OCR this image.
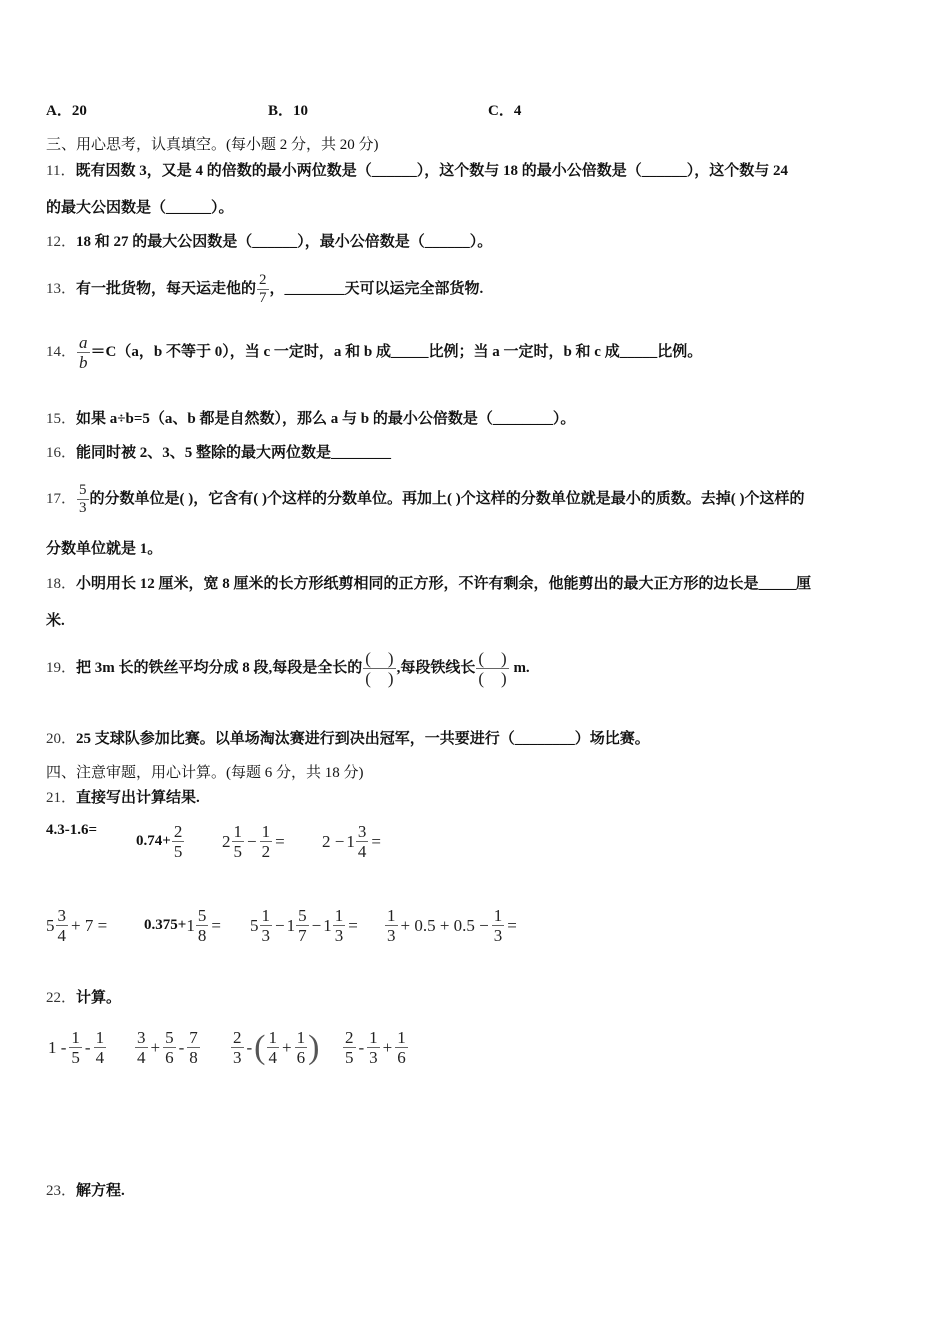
A．20	B．10	C．4
三、用心思考，认真填空。(每小题 2 分，共 20 分)
11．既有因数 3，又是 4 的倍数的最小两位数是（______），这个数与 18 的最小公倍数是（______），这个数与 24
的最大公因数是（______）。
12．18 和 27 的最大公因数是（______），最小公倍数是（______）。
13．有一批货物，每天运走他的 $\frac{2}{7}$ ，________天可以运完全部货物.
14． $\frac{a}{b} =C(a$，b 不等于 0），当 c 一定时，a 和 b 成_____比例；当 a 一定时，b 和 c 成_____比例。
15．如果 a÷b=5（a、b 都是自然数），那么 a 与 b 的最小公倍数是（________）。
16．能同时被 2、3、5 整除的最大两位数是________
17． $\frac{5}{3}$ 的分数单位是( )，它含有( )个这样的分数单位。再加上( )个这样的分数单位就是最小的质数。去掉( )个这样的
分数单位就是 1。
18．小明用长 12 厘米，宽 8 厘米的长方形纸剪相同的正方形，不许有剩余，他能剪出的最大正方形的边长是_____厘
米.
19．把 3m 长的铁丝平均分成 8 段,每段是全长的 $\frac{( )}{( )}$ ,每段铁线长 $\frac{( )}{( )} m$.
20．25 支球队参加比赛。以单场淘汰赛进行到决出冠军，一共要进行（________）场比赛。
四、注意审题，用心计算。(每题 6 分，共 18 分)
21．直接写出计算结果.
4.3-1.6=
$0.74+ \frac{2}{5} 2 \frac{1}{5} - \frac{1}{2} = 2 - 1 \frac{3}{4}$ =
$5 \frac{3}{4} + 7 = 0.375+ 1 \frac{5}{8} = 5 \frac{1}{3} - 1 \frac{5}{7} - 1 \frac{1}{3} = \frac{1}{3} + 0.5 + 0.5 - \frac{1}{3}$ =
22．计算。
$1 - \frac{1}{5} - \frac{1}{4} \frac{3}{4} + \frac{5}{6} - \frac{7}{8} \frac{2}{3}$ - ( $\frac{1}{4} + \frac{1}{6}$ ) $\frac{2}{5} - \frac{1}{3} + \frac{1}{6}$
23．解方程.
